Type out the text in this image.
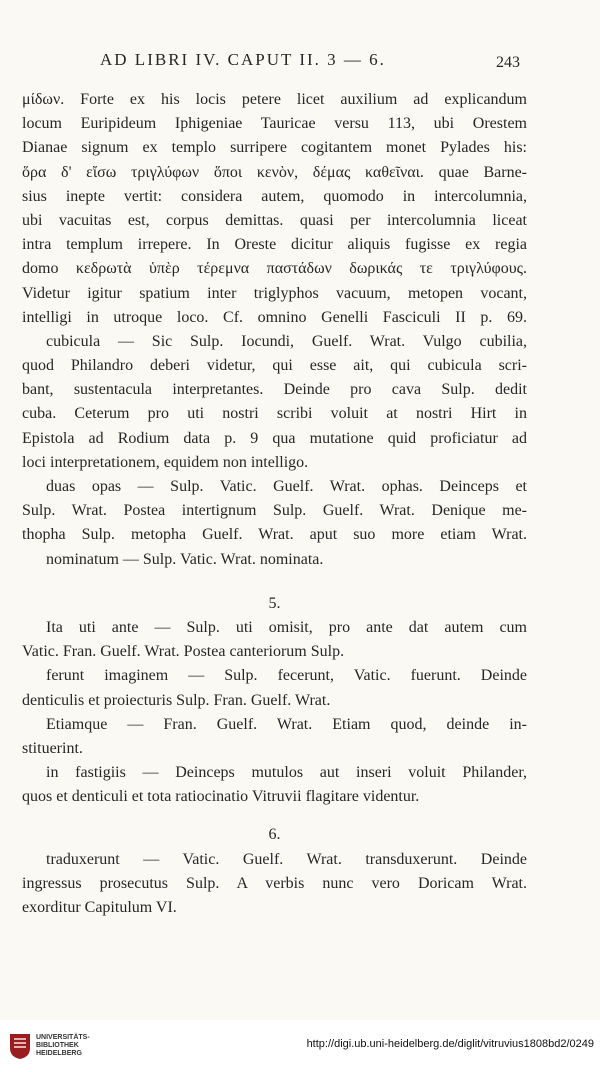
AD LIBRI IV. CAPUT II. 3 — 6.	243
μίδων. Forte ex his locis petere licet auxilium ad explicandum
locum Euripideum Iphigeniae Tauricae versu 113, ubi Orestem
Dianae signum ex templo surripere cogitantem monet Pylades his:
ὅρα δ' εἴσω τριγλύφων ὅποι κενὸν, δέμας καθεῖναι. quae Barne-
sius inepte vertit: considera autem, quomodo in intercolumnia,
ubi vacuitas est, corpus demittas. quasi per intercolumnia liceat
intra templum irrepere. In Oreste dicitur aliquis fugisse ex regia
domo κεδρωτὰ ὑπὲρ τέρεμνα παστάδων δωρικάς τε τριγλύφους.
Videtur igitur spatium inter triglyphos vacuum, metopen vocant,
intelligi in utroque loco. Cf. omnino Genelli Fasciculi II p. 69.
cubicula — Sic Sulp. Iocundi, Guelf. Wrat. Vulgo cubilia,
quod Philandro deberi videtur, qui esse ait, qui cubicula scri-
bant, sustentacula interpretantes. Deinde pro cava Sulp. dedit
cuba. Ceterum pro uti nostri scribi voluit at nostri Hirt in
Epistola ad Rodium data p. 9 qua mutatione quid proficiatur ad
loci interpretationem, equidem non intelligo.
duas opas — Sulp. Vatic. Guelf. Wrat. ophas. Deinceps et
Sulp. Wrat. Postea intertignum Sulp. Guelf. Wrat. Denique me-
thopha Sulp. metopha Guelf. Wrat. aput suo more etiam Wrat.
nominatum — Sulp. Vatic. Wrat. nominata.
5.
Ita uti ante — Sulp. uti omisit, pro ante dat autem cum
Vatic. Fran. Guelf. Wrat. Postea canteriorum Sulp.
ferunt imaginem — Sulp. fecerunt, Vatic. fuerunt. Deinde
denticulis et proiecturis Sulp. Fran. Guelf. Wrat.
Etiamque — Fran. Guelf. Wrat. Etiam quod, deinde in-
stituerint.
in fastigiis — Deinceps mutulos aut inseri voluit Philander,
quos et denticuli et tota ratiocinatio Vitruvii flagitare videntur.
6.
traduxerunt — Vatic. Guelf. Wrat. transduxerunt. Deinde
ingressus prosecutus Sulp. A verbis nunc vero Doricam Wrat.
exorditur Capitulum VI.
UNIVERSITÄTS-
BIBLIOTHEK
HEIDELBERG
http://digi.ub.uni-heidelberg.de/diglit/vitruvius1808bd2/0249
